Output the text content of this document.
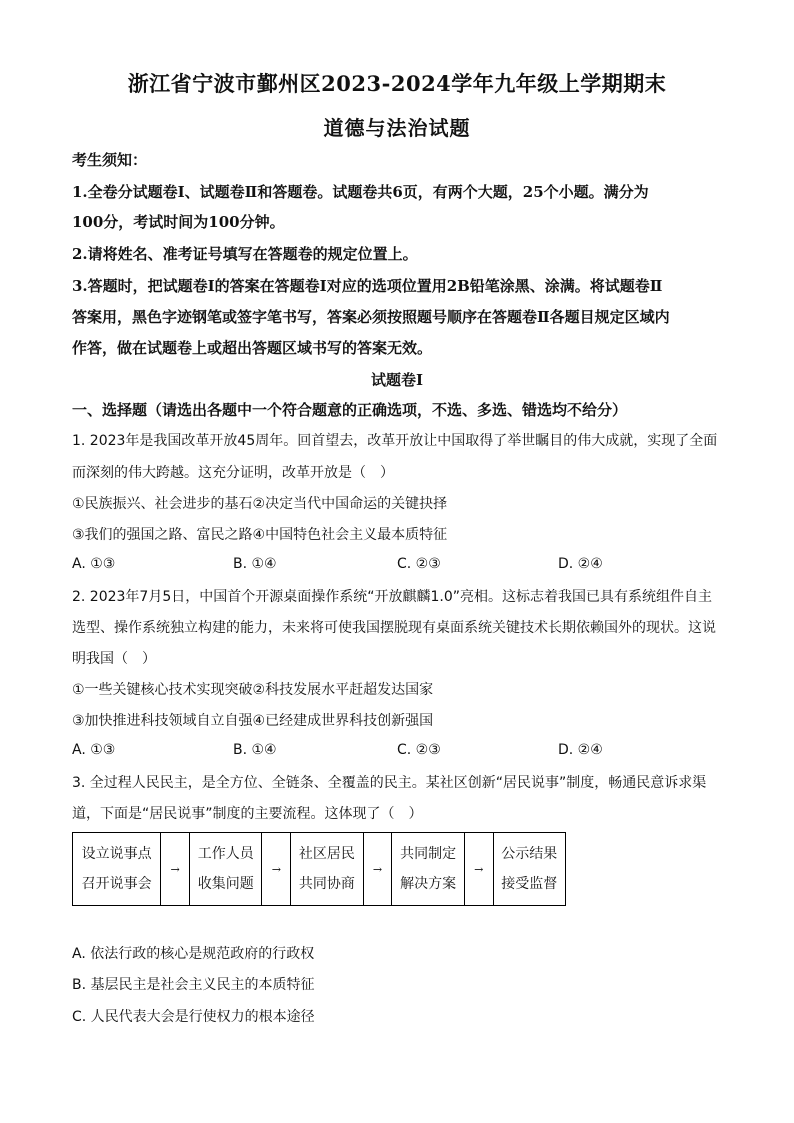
浙江省宁波市鄞州区2023-2024学年九年级上学期期末
道德与法治试题
考生须知：
1.全卷分试题卷Ⅰ、试题卷Ⅱ和答题卷。试题卷共6页，有两个大题，25个小题。满分为
100分，考试时间为100分钟。
2.请将姓名、准考证号填写在答题卷的规定位置上。
3.答题时，把试题卷Ⅰ的答案在答题卷Ⅰ对应的选项位置用2B铅笔涂黑、涂满。将试题卷Ⅱ
答案用，黑色字迹钢笔或签字笔书写，答案必须按照题号顺序在答题卷Ⅱ各题目规定区域内
作答，做在试题卷上或超出答题区域书写的答案无效。
试题卷Ⅰ
一、选择题（请选出各题中一个符合题意的正确选项，不选、多选、错选均不给分）
1. 2023年是我国改革开放45周年。回首望去，改革开放让中国取得了举世瞩目的伟大成就，实现了全面
而深刻的伟大跨越。这充分证明，改革开放是（　）
①民族振兴、社会进步的基石②决定当代中国命运的关键抉择
③我们的强国之路、富民之路④中国特色社会主义最本质特征
A. ①③	B. ①④	C. ②③	D. ②④
2. 2023年7月5日，中国首个开源桌面操作系统“开放麒麟1.0”亮相。这标志着我国已具有系统组件自主
选型、操作系统独立构建的能力，未来将可使我国摆脱现有桌面系统关键技术长期依赖国外的现状。这说
明我国（　）
①一些关键核心技术实现突破②科技发展水平赶超发达国家
③加快推进科技领域自立自强④已经建成世界科技创新强国
A. ①③	B. ①④	C. ②③	D. ②④
3. 全过程人民民主，是全方位、全链条、全覆盖的民主。某社区创新“居民说事”制度，畅通民意诉求渠
道，下面是“居民说事”制度的主要流程。这体现了（　）
设立说事点
召开说事会
→
工作人员
收集问题
→
社区居民
共同协商
→
共同制定
解决方案
→
公示结果
接受监督
A. 依法行政的核心是规范政府的行政权
B. 基层民主是社会主义民主的本质特征
C. 人民代表大会是行使权力的根本途径
